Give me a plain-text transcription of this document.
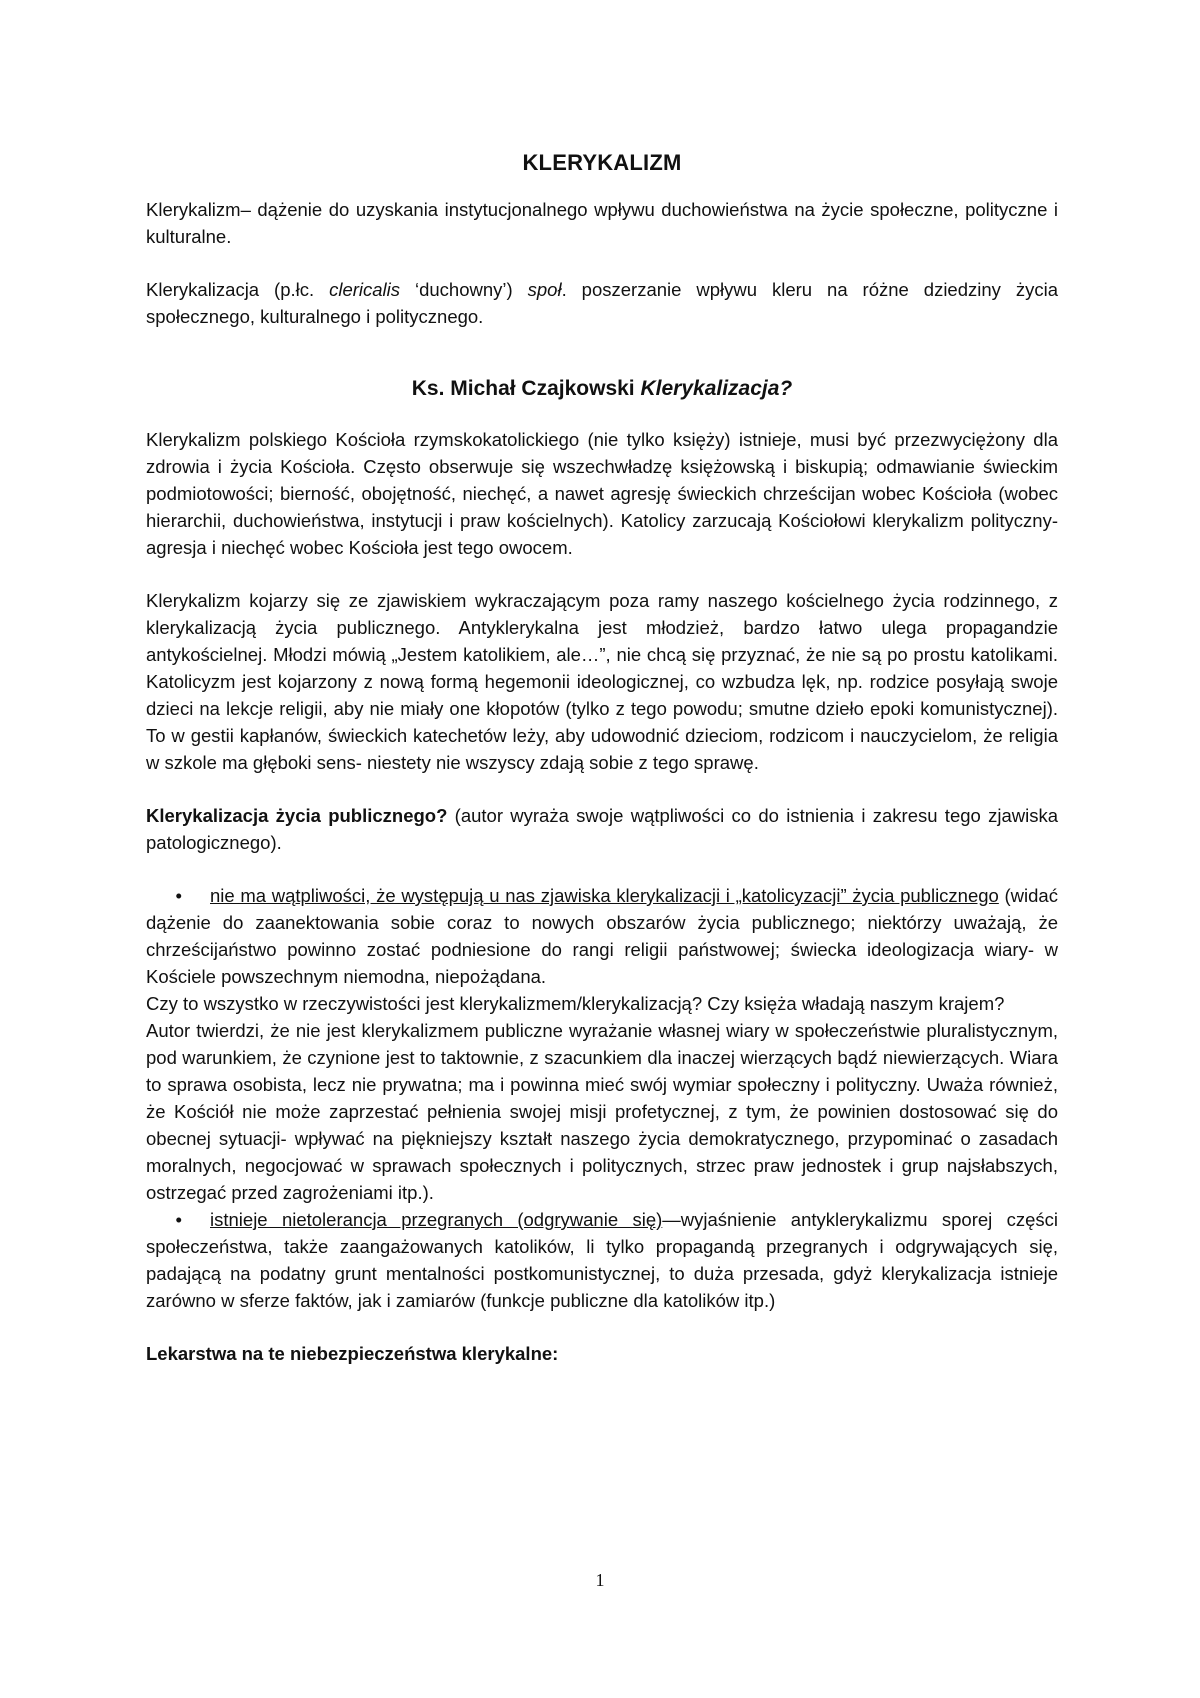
KLERYKALIZM

Klerykalizm– dążenie do uzyskania instytucjonalnego wpływu duchowieństwa na życie społeczne, polityczne i kulturalne.

Klerykalizacja (p.łc. clericalis ‘duchowny’) społ. poszerzanie wpływu kleru na różne dziedziny życia społecznego, kulturalnego i politycznego.

Ks. Michał Czajkowski Klerykalizacja?

Klerykalizm polskiego Kościoła rzymskokatolickiego (nie tylko księży) istnieje, musi być przezwyciężony dla zdrowia i życia Kościoła. Często obserwuje się wszechwładzę księżowską i biskupią; odmawianie świeckim podmiotowości; bierność, obojętność, niechęć, a nawet agresję świeckich chrześcijan wobec Kościoła (wobec hierarchii, duchowieństwa, instytucji i praw kościelnych). Katolicy zarzucają Kościołowi klerykalizm polityczny- agresja i niechęć wobec Kościoła jest tego owocem.

Klerykalizm kojarzy się ze zjawiskiem wykraczającym poza ramy naszego kościelnego życia rodzinnego, z klerykalizacją życia publicznego. Antyklerykalna jest młodzież, bardzo łatwo ulega propagandzie antykościelnej. Młodzi mówią „Jestem katolikiem, ale…”, nie chcą się przyznać, że nie są po prostu katolikami. Katolicyzm jest kojarzony z nową formą hegemonii ideologicznej, co wzbudza lęk, np. rodzice posyłają swoje dzieci na lekcje religii, aby nie miały one kłopotów (tylko z tego powodu; smutne dzieło epoki komunistycznej). To w gestii kapłanów, świeckich katechetów leży, aby udowodnić dzieciom, rodzicom i nauczycielom, że religia w szkole ma głęboki sens- niestety nie wszyscy zdają sobie z tego sprawę.

Klerykalizacja życia publicznego? (autor wyraża swoje wątpliwości co do istnienia i zakresu tego zjawiska patologicznego).

• nie ma wątpliwości, że występują u nas zjawiska klerykalizacji i „katolicyzacji” życia publicznego (widać dążenie do zaanektowania sobie coraz to nowych obszarów życia publicznego; niektórzy uważają, że chrześcijaństwo powinno zostać podniesione do rangi religii państwowej; świecka ideologizacja wiary- w Kościele powszechnym niemodna, niepożądana.

Czy to wszystko w rzeczywistości jest klerykalizmem/klerykalizacją? Czy księża władają naszym krajem?

Autor twierdzi, że nie jest klerykalizmem publiczne wyrażanie własnej wiary w społeczeństwie pluralistycznym, pod warunkiem, że czynione jest to taktownie, z szacunkiem dla inaczej wierzących bądź niewierzących. Wiara to sprawa osobista, lecz nie prywatna; ma i powinna mieć swój wymiar społeczny i polityczny. Uważa również, że Kościół nie może zaprzestać pełnienia swojej misji profetycznej, z tym, że powinien dostosować się do obecnej sytuacji- wpływać na piękniejszy kształt naszego życia demokratycznego, przypominać o zasadach moralnych, negocjować w sprawach społecznych i politycznych, strzec praw jednostek i grup najsłabszych, ostrzegać przed zagrożeniami itp.).

• istnieje nietolerancja przegranych (odgrywanie się)—wyjaśnienie antyklerykalizmu sporej części społeczeństwa, także zaangażowanych katolików, li tylko propagandą przegranych i odgrywających się, padającą na podatny grunt mentalności postkomunistycznej, to duża przesada, gdyż klerykalizacja istnieje zarówno w sferze faktów, jak i zamiarów (funkcje publiczne dla katolików itp.)

Lekarstwa na te niebezpieczeństwa klerykalne:

1
